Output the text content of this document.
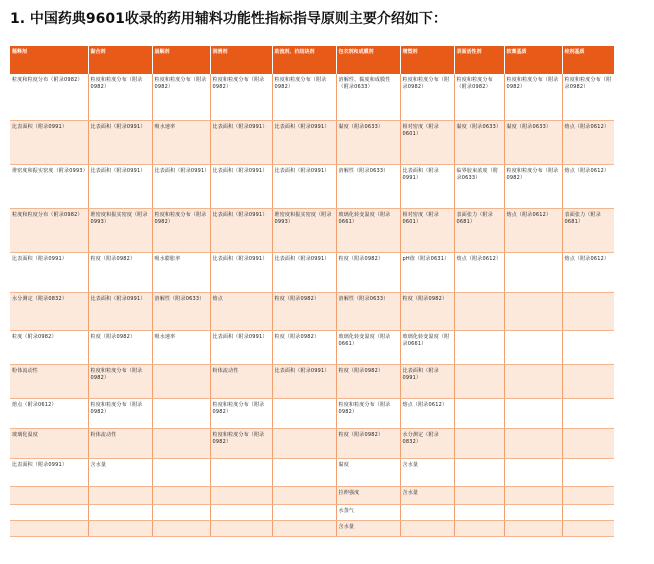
1. 中国药典9601收录的药用辅料功能性指标指导原则主要介绍如下：
稀释剂	黏合剂	崩解剂	润滑剂	助流剂、抗结块剂	包衣剂和成膜剂	增塑剂	表面活性剂	软膏基质	栓剂基质
粒度和粒度分布（附录0982）	粒度和粒度分布（附录0982）	粒度和粒度分布（附录0982）	粒度和粒度分布（附录0982）	粒度和粒度分布（附录0982）	溶解性、黏度和成膜性（附录0633）	粒度和粒度分布（附录0982）	粒度和粒度分布（附录0982）	粒度和粒度分布（附录0982）	粒度和粒度分布（附录0982）
比表面积（附录0991）	比表面积（附录0991）	吸水速率	比表面积（附录0991）	比表面积（附录0991）	黏度（附录0633）	相对密度（附录0601）	黏度（附录0633）	黏度（附录0633）	熔点（附录0612）
堆密度和振实密度（附录0993）	比表面积（附录0991）	比表面积（附录0991）	比表面积（附录0991）	比表面积（附录0991）	溶解性（附录0633）	比表面积（附录0991）	临界胶束浓度（附录0633）	粒度和粒度分布（附录0982）	熔点（附录0612）
粒度和粒度分布（附录0982）	堆密度和振实密度（附录0993）	粒度和粒度分布（附录0982）	比表面积（附录0991）	堆密度和振实密度（附录0993）	玻璃化转变温度（附录0661）	相对密度（附录0601）	表面张力（附录0681）	熔点（附录0612）	表面张力（附录0681）
比表面积（附录0991）	粒度（附录0982）	吸水膨胀率	比表面积（附录0991）	比表面积（附录0991）	粒度（附录0982）	pH值（附录0631）	熔点（附录0612）		熔点（附录0612）
水分测定（附录0832）	比表面积（附录0991）	溶解性（附录0633）	熔点	粒度（附录0982）	溶解性（附录0633）	粒度（附录0982）			
粒度（附录0982）	粒度（附录0982）	吸水速率	比表面积（附录0991）	粒度（附录0982）	玻璃化转变温度（附录0661）	玻璃化转变温度（附录0661）			
粉体流动性	粒度和粒度分布（附录0982）		粉体流动性	比表面积（附录0991）	粒度（附录0982）	比表面积（附录0991）			
熔点（附录0612）	粒度和粒度分布（附录0982）		粒度和粒度分布（附录0982）		粒度和粒度分布（附录0982）	熔点（附录0612）			
玻璃化温度	粉体流动性		粒度和粒度分布（附录0982）		粒度（附录0982）	水分测定（附录0832）			
比表面积（附录0991）	含水量				黏度	含水量			
					拉伸强度	含水量			
					水蒸气				
					含水量				
